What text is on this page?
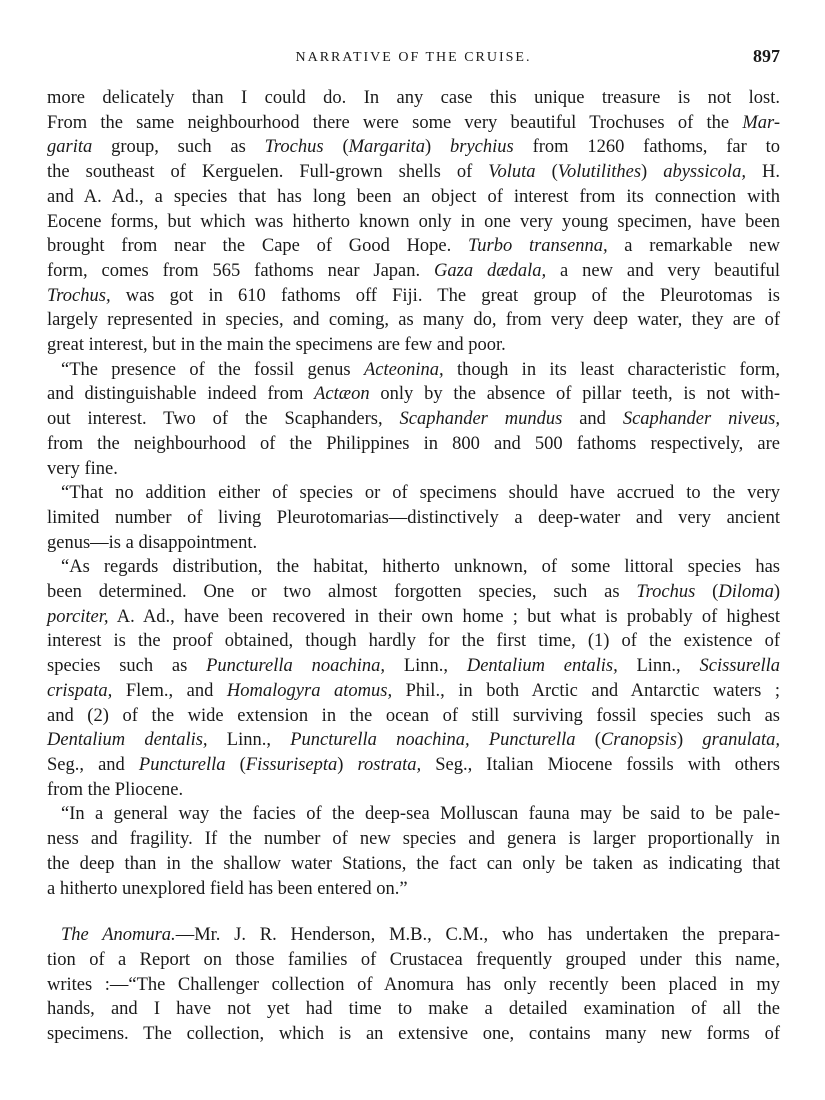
NARRATIVE OF THE CRUISE.	897
more delicately than I could do. In any case this unique treasure is not lost.
From the same neighbourhood there were some very beautiful Trochuses of the Mar-
garita group, such as Trochus (Margarita) brychius from 1260 fathoms, far to
the southeast of Kerguelen. Full-grown shells of Voluta (Volutilithes) abyssicola, H.
and A. Ad., a species that has long been an object of interest from its connection with
Eocene forms, but which was hitherto known only in one very young specimen, have been
brought from near the Cape of Good Hope. Turbo transenna, a remarkable new
form, comes from 565 fathoms near Japan. Gaza dædala, a new and very beautiful
Trochus, was got in 610 fathoms off Fiji. The great group of the Pleurotomas is
largely represented in species, and coming, as many do, from very deep water, they are of
great interest, but in the main the specimens are few and poor.
“The presence of the fossil genus Acteonina, though in its least characteristic form,
and distinguishable indeed from Actæon only by the absence of pillar teeth, is not with-
out interest. Two of the Scaphanders, Scaphander mundus and Scaphander niveus,
from the neighbourhood of the Philippines in 800 and 500 fathoms respectively, are
very fine.
“That no addition either of species or of specimens should have accrued to the very
limited number of living Pleurotomarias—distinctively a deep-water and very ancient
genus—is a disappointment.
“As regards distribution, the habitat, hitherto unknown, of some littoral species has
been determined. One or two almost forgotten species, such as Trochus (Diloma)
porciter, A. Ad., have been recovered in their own home ; but what is probably of highest
interest is the proof obtained, though hardly for the first time, (1) of the existence of
species such as Puncturella noachina, Linn., Dentalium entalis, Linn., Scissurella
crispata, Flem., and Homalogyra atomus, Phil., in both Arctic and Antarctic waters ;
and (2) of the wide extension in the ocean of still surviving fossil species such as
Dentalium dentalis, Linn., Puncturella noachina, Puncturella (Cranopsis) granulata,
Seg., and Puncturella (Fissurisepta) rostrata, Seg., Italian Miocene fossils with others
from the Pliocene.
“In a general way the facies of the deep-sea Molluscan fauna may be said to be pale-
ness and fragility. If the number of new species and genera is larger proportionally in
the deep than in the shallow water Stations, the fact can only be taken as indicating that
a hitherto unexplored field has been entered on.”
The Anomura.—Mr. J. R. Henderson, M.B., C.M., who has undertaken the prepara-
tion of a Report on those families of Crustacea frequently grouped under this name,
writes :—“The Challenger collection of Anomura has only recently been placed in my
hands, and I have not yet had time to make a detailed examination of all the
specimens. The collection, which is an extensive one, contains many new forms of
